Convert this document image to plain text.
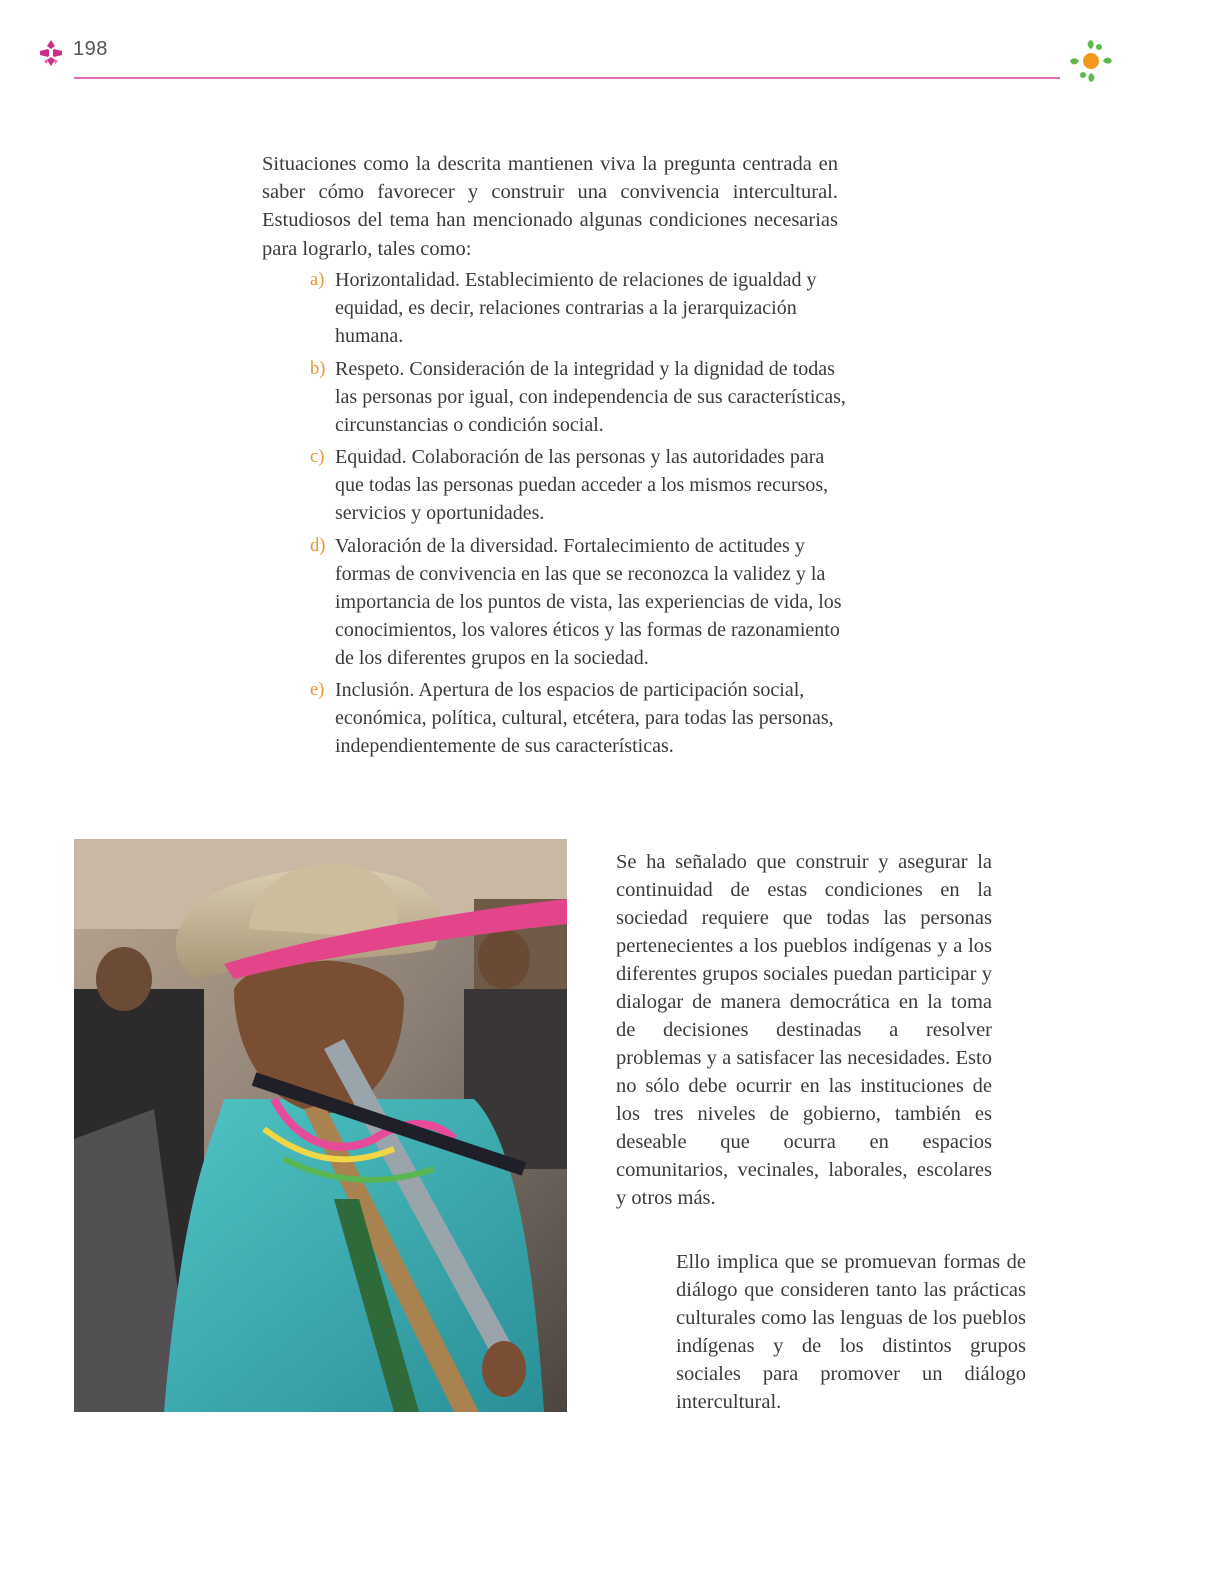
198

Situaciones como la descrita mantienen viva la pregunta centrada en saber cómo favorecer y construir una convivencia intercultural. Estudiosos del tema han mencionado algunas condiciones necesarias para lograrlo, tales como:

a) Horizontalidad. Establecimiento de relaciones de igualdad y equidad, es decir, relaciones contrarias a la jerarquización humana.
b) Respeto. Consideración de la integridad y la dignidad de todas las personas por igual, con independencia de sus características, circunstancias o condición social.
c) Equidad. Colaboración de las personas y las autoridades para que todas las personas puedan acceder a los mismos recursos, servicios y oportunidades.
d) Valoración de la diversidad. Fortalecimiento de actitudes y formas de convivencia en las que se reconozca la validez y la importancia de los puntos de vista, las experiencias de vida, los conocimientos, los valores éticos y las formas de razonamiento de los diferentes grupos en la sociedad.
e) Inclusión. Apertura de los espacios de participación social, económica, política, cultural, etcétera, para todas las personas, independientemente de sus características.

Se ha señalado que construir y asegurar la continuidad de estas condiciones en la sociedad requiere que todas las personas pertenecientes a los pueblos indígenas y a los diferentes grupos sociales puedan participar y dialogar de manera democrática en la toma de decisiones destinadas a resolver problemas y a satisfacer las necesidades. Esto no sólo debe ocurrir en las instituciones de los tres niveles de gobierno, también es deseable que ocurra en espacios comunitarios, vecinales, laborales, escolares y otros más.

Ello implica que se promuevan formas de diálogo que consideren tanto las prácticas culturales como las lenguas de los pueblos indígenas y de los distintos grupos sociales para promover un diálogo intercultural.
